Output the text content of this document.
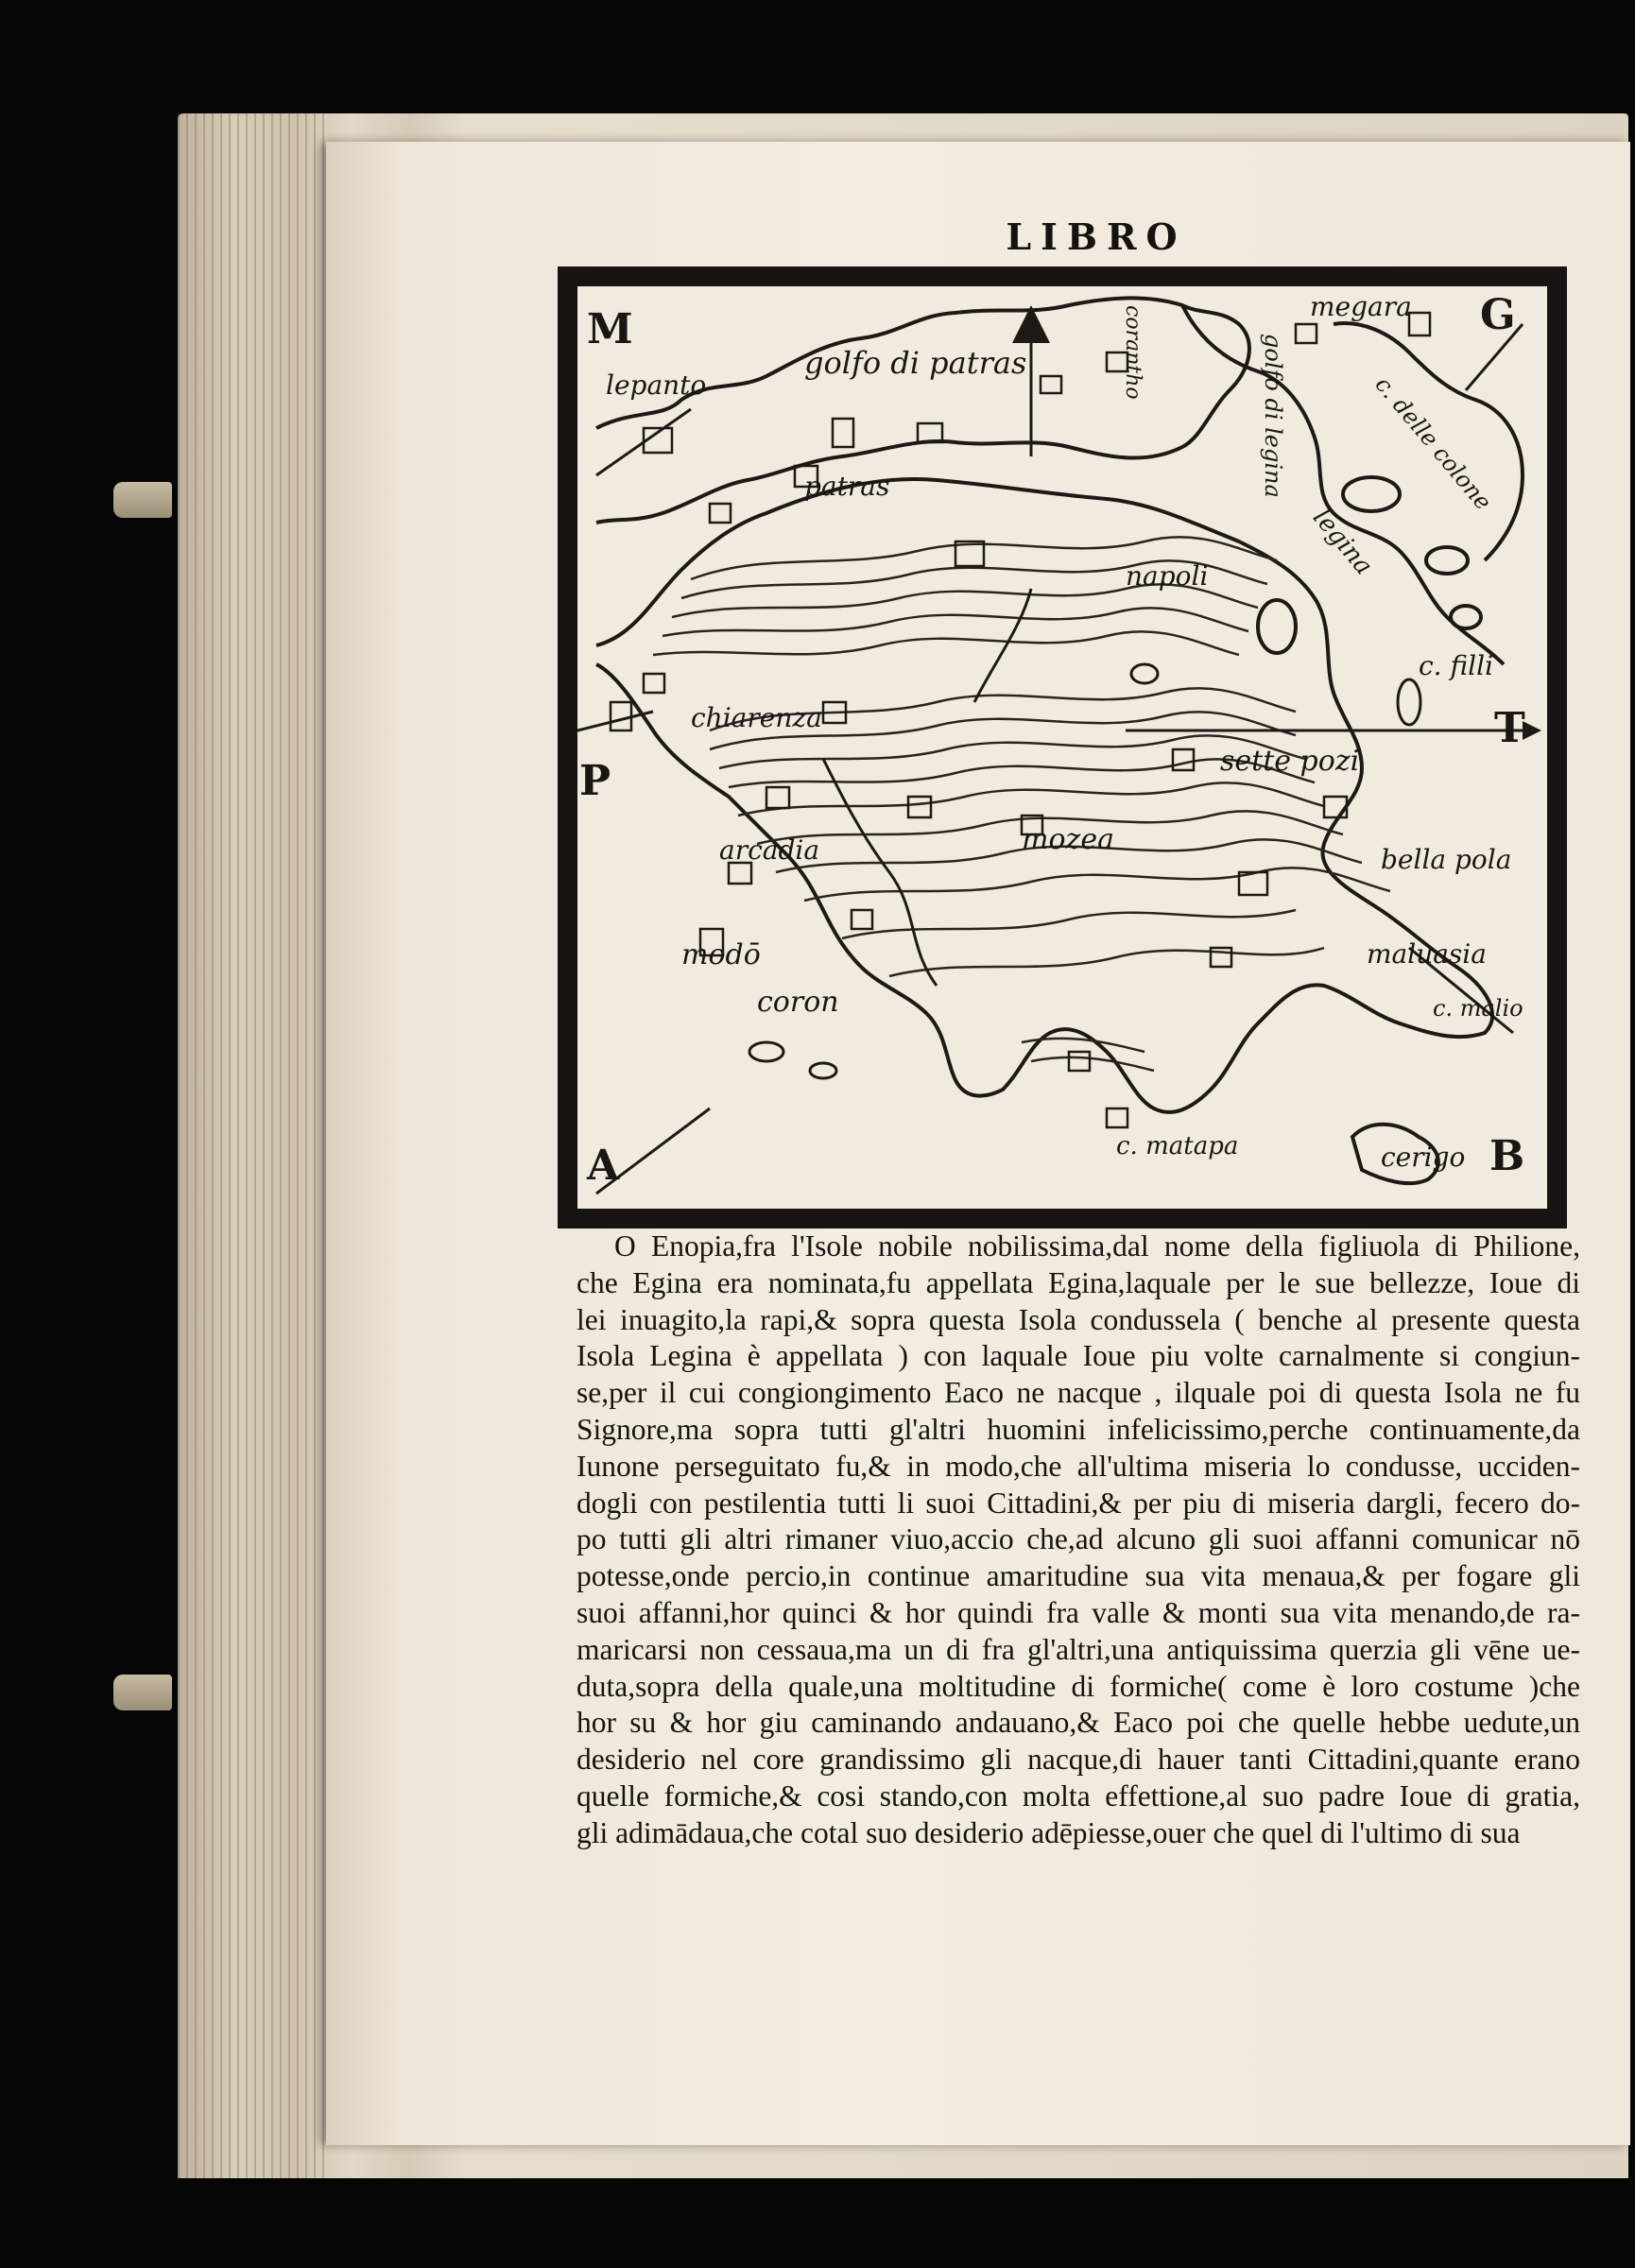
LIBRO
M	G
T
P
A	B
lepanto
golfo di patras	corantho	golfo di legina
megara
c. delle colone
patras
legina
napoli
c. filli
chiarenza
sette pozi
arcadia	mozea
bella pola
modō	maluasia
coron	c. malio
c. matapa	cerigo
O Enopia,fra l'Isole nobile nobilissima,dal nome della figliuola di Philione,
che Egina era nominata,fu appellata Egina,laquale per le sue bellezze, Ioue di
lei inuagito,la rapi,& sopra questa Isola condussela ( benche al presente questa
Isola Legina è appellata ) con laquale Ioue piu volte carnalmente si congiun-
se,per il cui congiongimento Eaco ne nacque , ilquale poi di questa Isola ne fu
Signore,ma sopra tutti gl'altri huomini infelicissimo,perche continuamente,da
Iunone perseguitato fu,& in modo,che all'ultima miseria lo condusse, ucciden-
dogli con pestilentia tutti li suoi Cittadini,& per piu di miseria dargli, fecero do-
po tutti gli altri rimaner viuo,accio che,ad alcuno gli suoi affanni comunicar nō
potesse,onde percio,in continue amaritudine sua vita menaua,& per fogare gli
suoi affanni,hor quinci & hor quindi fra valle & monti sua vita menando,de ra-
maricarsi non cessaua,ma un di fra gl'altri,una antiquissima querzia gli vēne ue-
duta,sopra della quale,una moltitudine di formiche( come è loro costume )che
hor su & hor giu caminando andauano,& Eaco poi che quelle hebbe uedute,un
desiderio nel core grandissimo gli nacque,di hauer tanti Cittadini,quante erano
quelle formiche,& cosi stando,con molta effettione,al suo padre Ioue di gratia,
gli adimādaua,che cotal suo desiderio adēpiesse,ouer che quel di l'ultimo di sua
